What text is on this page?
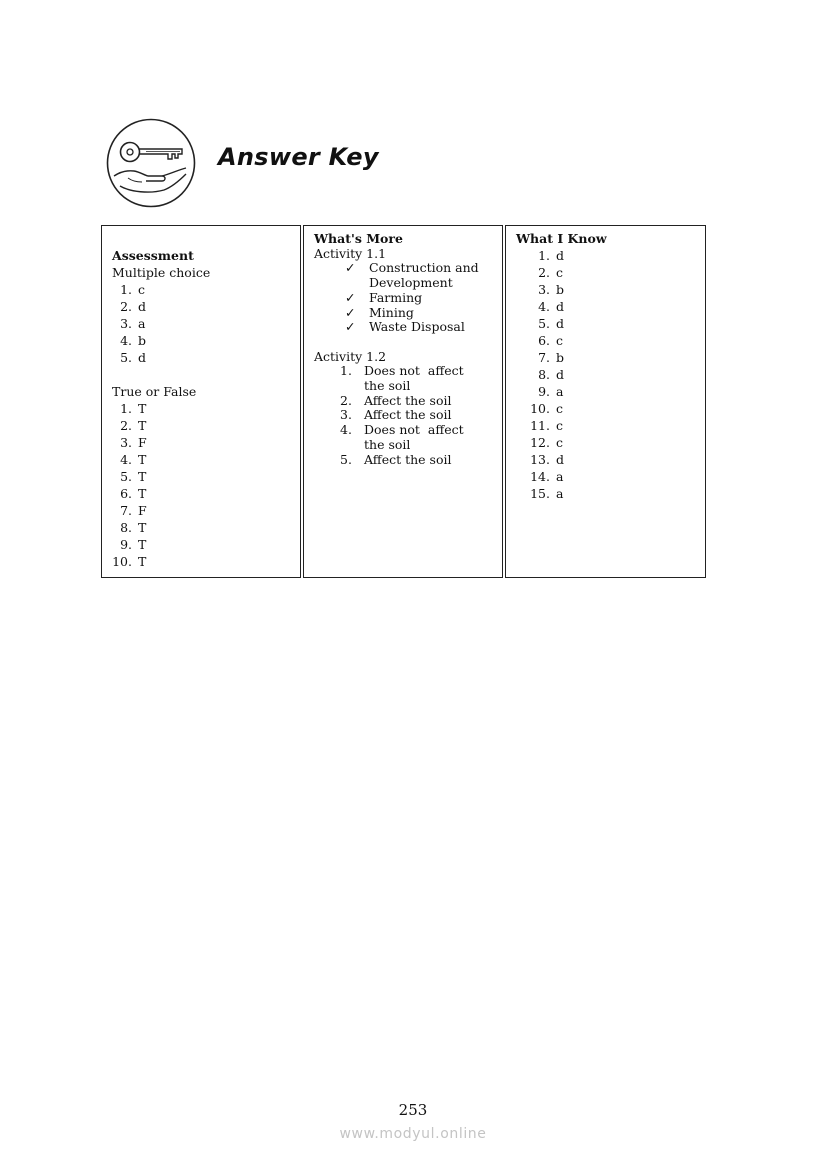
Answer Key
Assessment
Multiple choice
1. c
2. d
3. a
4. b
5. d
True or False
1. T
2. T
3. F
4. T
5. T
6. T
7. F
8. T
9. T
10. T
What's More
Activity 1.1
✓ Construction and
Development
✓ Farming
✓ Mining
✓ Waste Disposal
Activity 1.2
1. Does not  affect
the soil
2. Affect the soil
3. Affect the soil
4. Does not  affect
the soil
5. Affect the soil
What I Know
1. d
2. c
3. b
4. d
5. d
6. c
7. b
8. d
9. a
10. c
11. c
12. c
13. d
14. a
15. a
253
www.modyul.online
